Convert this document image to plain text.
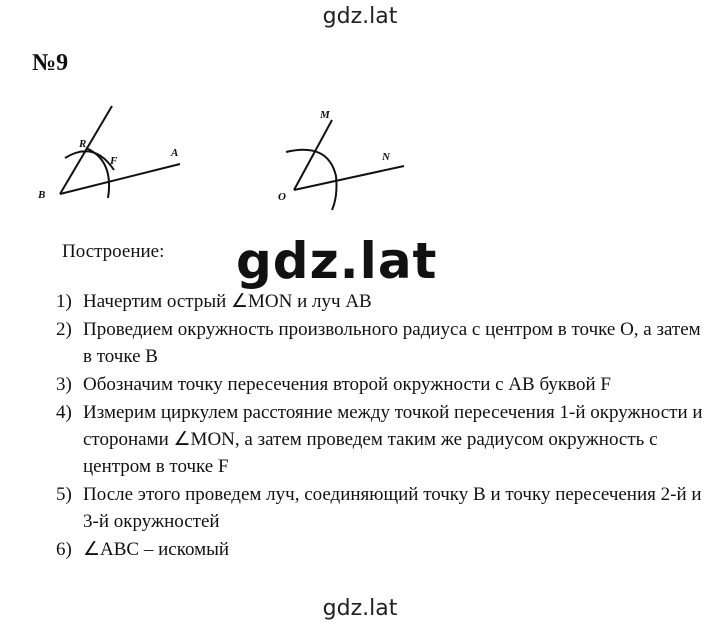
gdz.lat
№9
B
R
F
A
M
N
O
Построение: gdz.lat
1) Начертим острый ∠MON и луч AB
2) Проведием окружность произвольного радиуса с центром в точке O, а затем в точке B
3) Обозначим точку пересечения второй окружности с AB буквой F
4) Измерим циркулем расстояние между точкой пересечения 1-й окружности и сторонами ∠MON, а затем проведем таким же радиусом окружность с центром в точке F
5) После этого проведем луч, соединяющий точку B и точку пересечения 2-й и 3-й окружностей
6) ∠ABC – искомый
gdz.lat
